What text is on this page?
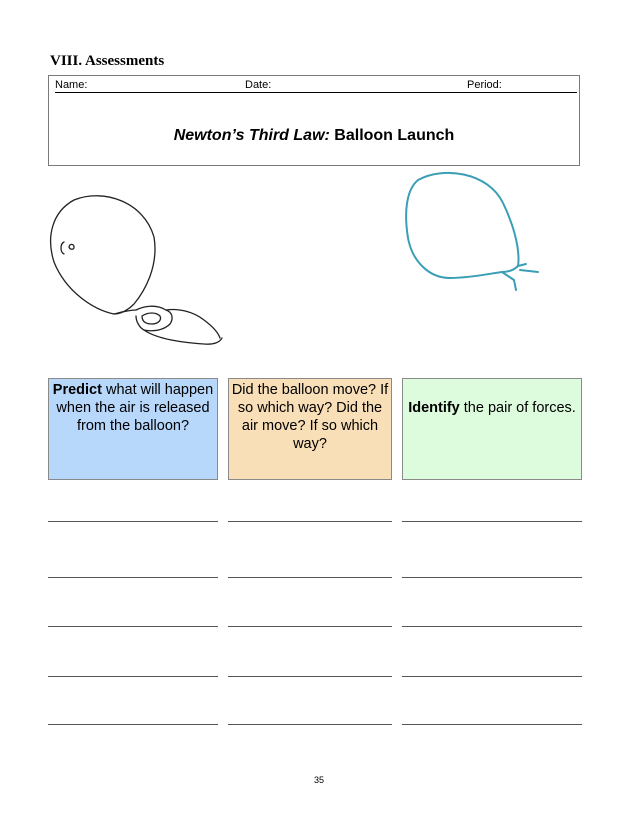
VIII. Assessments
Name:	Date:	Period:
Newton’s Third Law: Balloon Launch
Predict what will happen when the air is released from the balloon?
Did the balloon move? If so which way? Did the air move? If so which way?
Identify the pair of forces.
35
